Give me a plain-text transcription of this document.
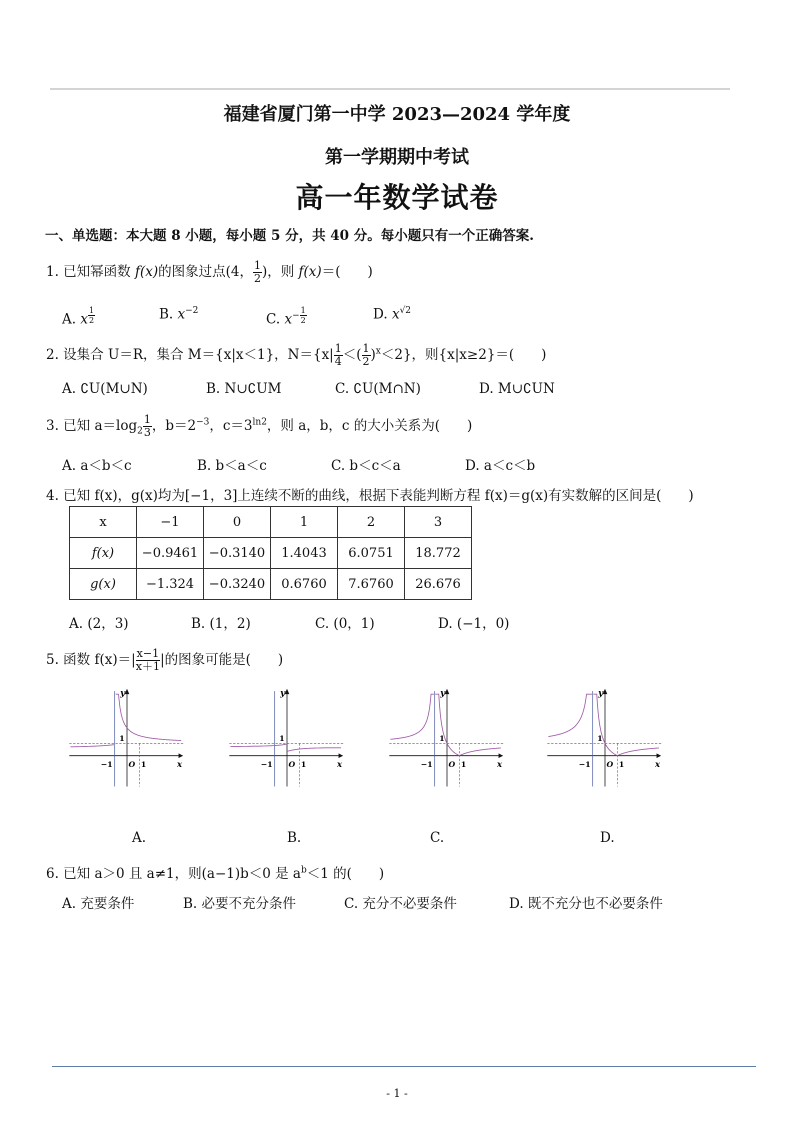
福建省厦门第一中学 2023—2024 学年度
第一学期期中考试
高一年数学试卷
一、单选题：本大题 8 小题，每小题 5 分，共 40 分。每小题只有一个正确答案.
1. 已知幂函数 f(x)的图象过点(4， $\frac{1}{2}$ )，则 f(x)＝(　　)
A. x $^{\frac{1}{2}}$	B. $x^{-2}$
C. $x^{- \frac{1}{2}}$	D. $x^{√2}$
2. 设集合 U＝R，集合 M＝{x|x＜1}，$N=\{x| \frac{1}{4}$ ＜( $\frac{1}{2} )^x<2$}，则{x|x≥2}＝(　　)
A. ∁U(M∪N)	B. N∪∁UM	C. ∁U(M∩N)	D. M∪∁UN
3. 已知 $a=\log_2 \frac{1}{3}$ ，$b=2^{-3}$，$c=3^{ln2}$，则 a，b，c 的大小关系为(　　)
A. a＜b＜c	B. b＜a＜c	C. b＜c＜a	D. a＜c＜b
4. 已知 f(x)，g(x)均为[−1，3]上连续不断的曲线，根据下表能判断方程 f(x)＝g(x)有实数解的区间是(　　)
x	−1	0	1	2	3
f(x)	−0.9461	−0.3140	1.4043	6.0751	18.772
g(x)	−1.324	−0.3240	0.6760	7.6760	26.676
A. (2，3)	B. (1，2)	C. (0，1)	D. (−1，0)
5. 函数 $f(x)=| \frac{x-1}{x+1}$ |的图象可能是(　　)
y
x
1
−1 O 1
y
x
1
−1 O 1
y
x
1
−1 O 1
y
x
1
−1 O 1
A.	B.	C.	D.
6. 已知 a＞0 且 a≠1，则(a−1)b＜0 是 $a^b<1$ 的(　　)
A. 充要条件	B. 必要不充分条件	C. 充分不必要条件	D. 既不充分也不必要条件
- 1 -
